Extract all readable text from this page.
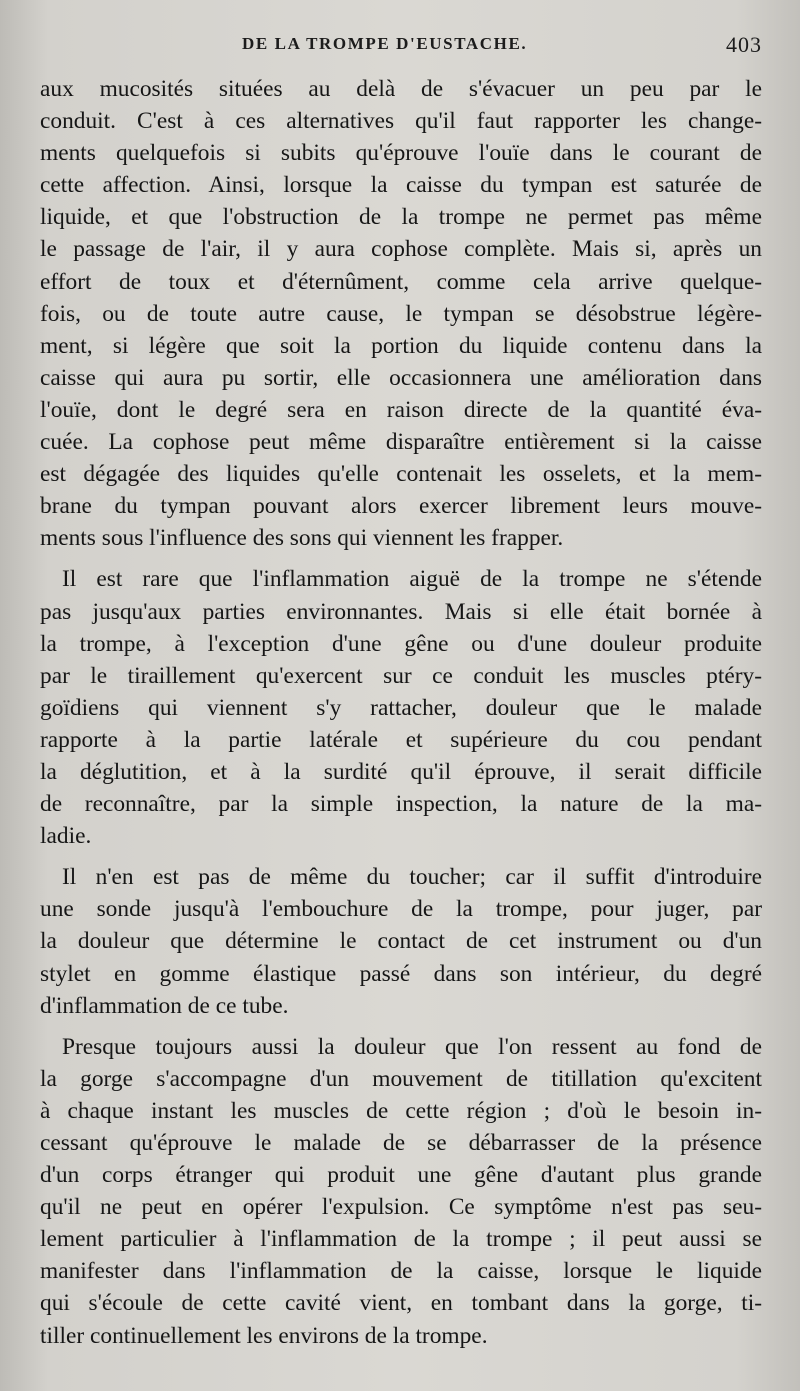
DE LA TROMPE D'EUSTACHE.	403

aux mucosités situées au delà de s'évacuer un peu par le
conduit. C'est à ces alternatives qu'il faut rapporter les change-
ments quelquefois si subits qu'éprouve l'ouïe dans le courant de
cette affection. Ainsi, lorsque la caisse du tympan est saturée de
liquide, et que l'obstruction de la trompe ne permet pas même
le passage de l'air, il y aura cophose complète. Mais si, après un
effort de toux et d'éternûment, comme cela arrive quelque-
fois, ou de toute autre cause, le tympan se désobstrue légère-
ment, si légère que soit la portion du liquide contenu dans la
caisse qui aura pu sortir, elle occasionnera une amélioration dans
l'ouïe, dont le degré sera en raison directe de la quantité éva-
cuée. La cophose peut même disparaître entièrement si la caisse
est dégagée des liquides qu'elle contenait les osselets, et la mem-
brane du tympan pouvant alors exercer librement leurs mouve-
ments sous l'influence des sons qui viennent les frapper.

Il est rare que l'inflammation aiguë de la trompe ne s'étende
pas jusqu'aux parties environnantes. Mais si elle était bornée à
la trompe, à l'exception d'une gêne ou d'une douleur produite
par le tiraillement qu'exercent sur ce conduit les muscles ptéry-
goïdiens qui viennent s'y rattacher, douleur que le malade
rapporte à la partie latérale et supérieure du cou pendant
la déglutition, et à la surdité qu'il éprouve, il serait difficile
de reconnaître, par la simple inspection, la nature de la ma-
ladie.

Il n'en est pas de même du toucher; car il suffit d'introduire
une sonde jusqu'à l'embouchure de la trompe, pour juger, par
la douleur que détermine le contact de cet instrument ou d'un
stylet en gomme élastique passé dans son intérieur, du degré
d'inflammation de ce tube.

Presque toujours aussi la douleur que l'on ressent au fond de
la gorge s'accompagne d'un mouvement de titillation qu'excitent
à chaque instant les muscles de cette région ; d'où le besoin in-
cessant qu'éprouve le malade de se débarrasser de la présence
d'un corps étranger qui produit une gêne d'autant plus grande
qu'il ne peut en opérer l'expulsion. Ce symptôme n'est pas seu-
lement particulier à l'inflammation de la trompe ; il peut aussi se
manifester dans l'inflammation de la caisse, lorsque le liquide
qui s'écoule de cette cavité vient, en tombant dans la gorge, ti-
tiller continuellement les environs de la trompe.
